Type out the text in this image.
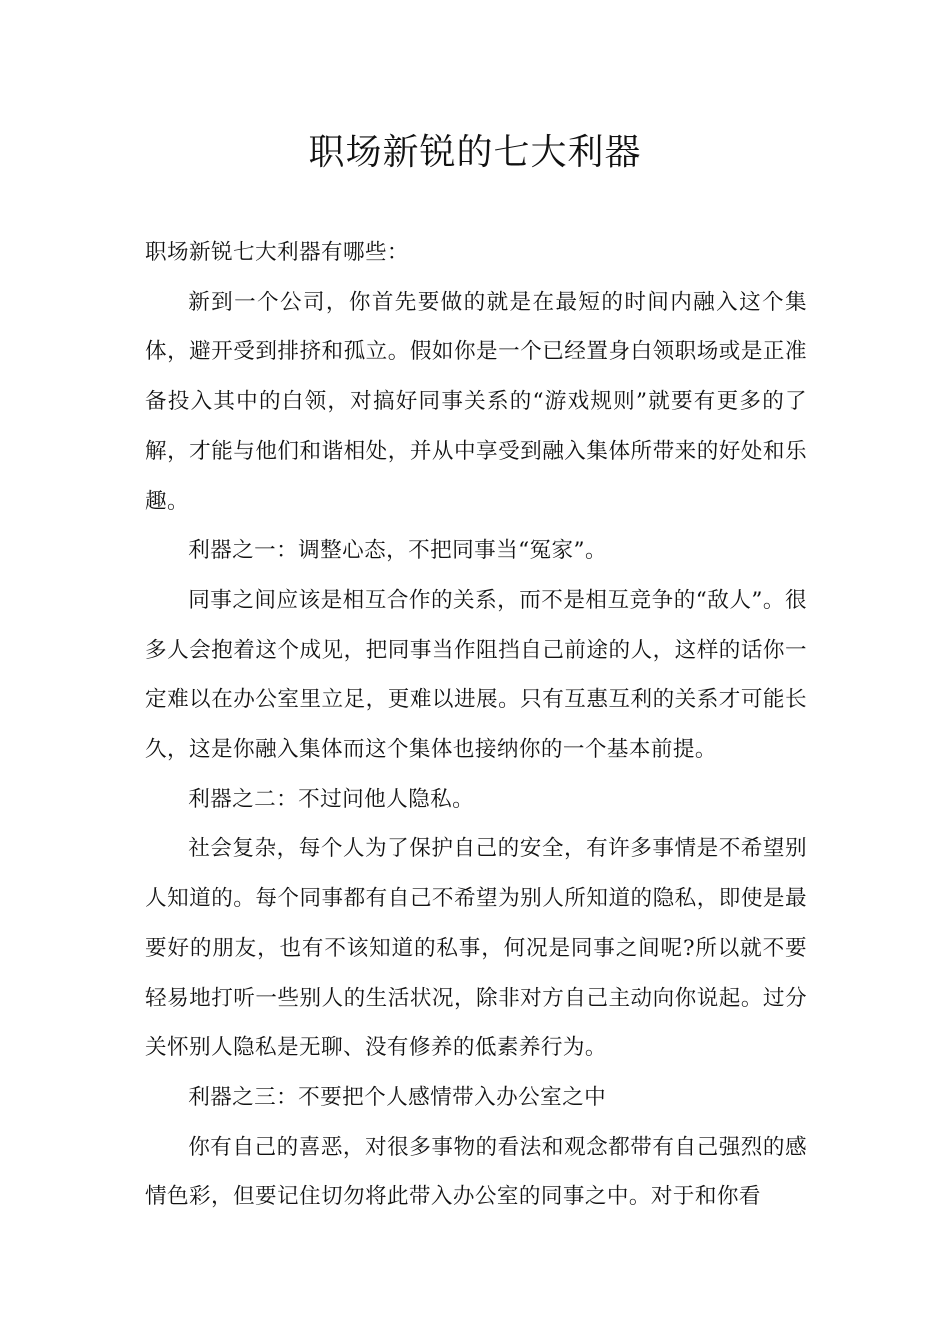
职场新锐的七大利器

职场新锐七大利器有哪些：

新到一个公司，你首先要做的就是在最短的时间内融入这个集体，避开受到排挤和孤立。假如你是一个已经置身白领职场或是正准备投入其中的白领，对搞好同事关系的“游戏规则”就要有更多的了解，才能与他们和谐相处，并从中享受到融入集体所带来的好处和乐趣。

利器之一：调整心态，不把同事当“冤家”。

同事之间应该是相互合作的关系，而不是相互竞争的“敌人”。很多人会抱着这个成见，把同事当作阻挡自己前途的人，这样的话你一定难以在办公室里立足，更难以进展。只有互惠互利的关系才可能长久，这是你融入集体而这个集体也接纳你的一个基本前提。

利器之二：不过问他人隐私。

社会复杂，每个人为了保护自己的安全，有许多事情是不希望别人知道的。每个同事都有自己不希望为别人所知道的隐私，即使是最要好的朋友，也有不该知道的私事，何况是同事之间呢?所以就不要轻易地打听一些别人的生活状况，除非对方自己主动向你说起。过分关怀别人隐私是无聊、没有修养的低素养行为。

利器之三：不要把个人感情带入办公室之中

你有自己的喜恶，对很多事物的看法和观念都带有自己强烈的感情色彩，但要记住切勿将此带入办公室的同事之中。对于和你看
